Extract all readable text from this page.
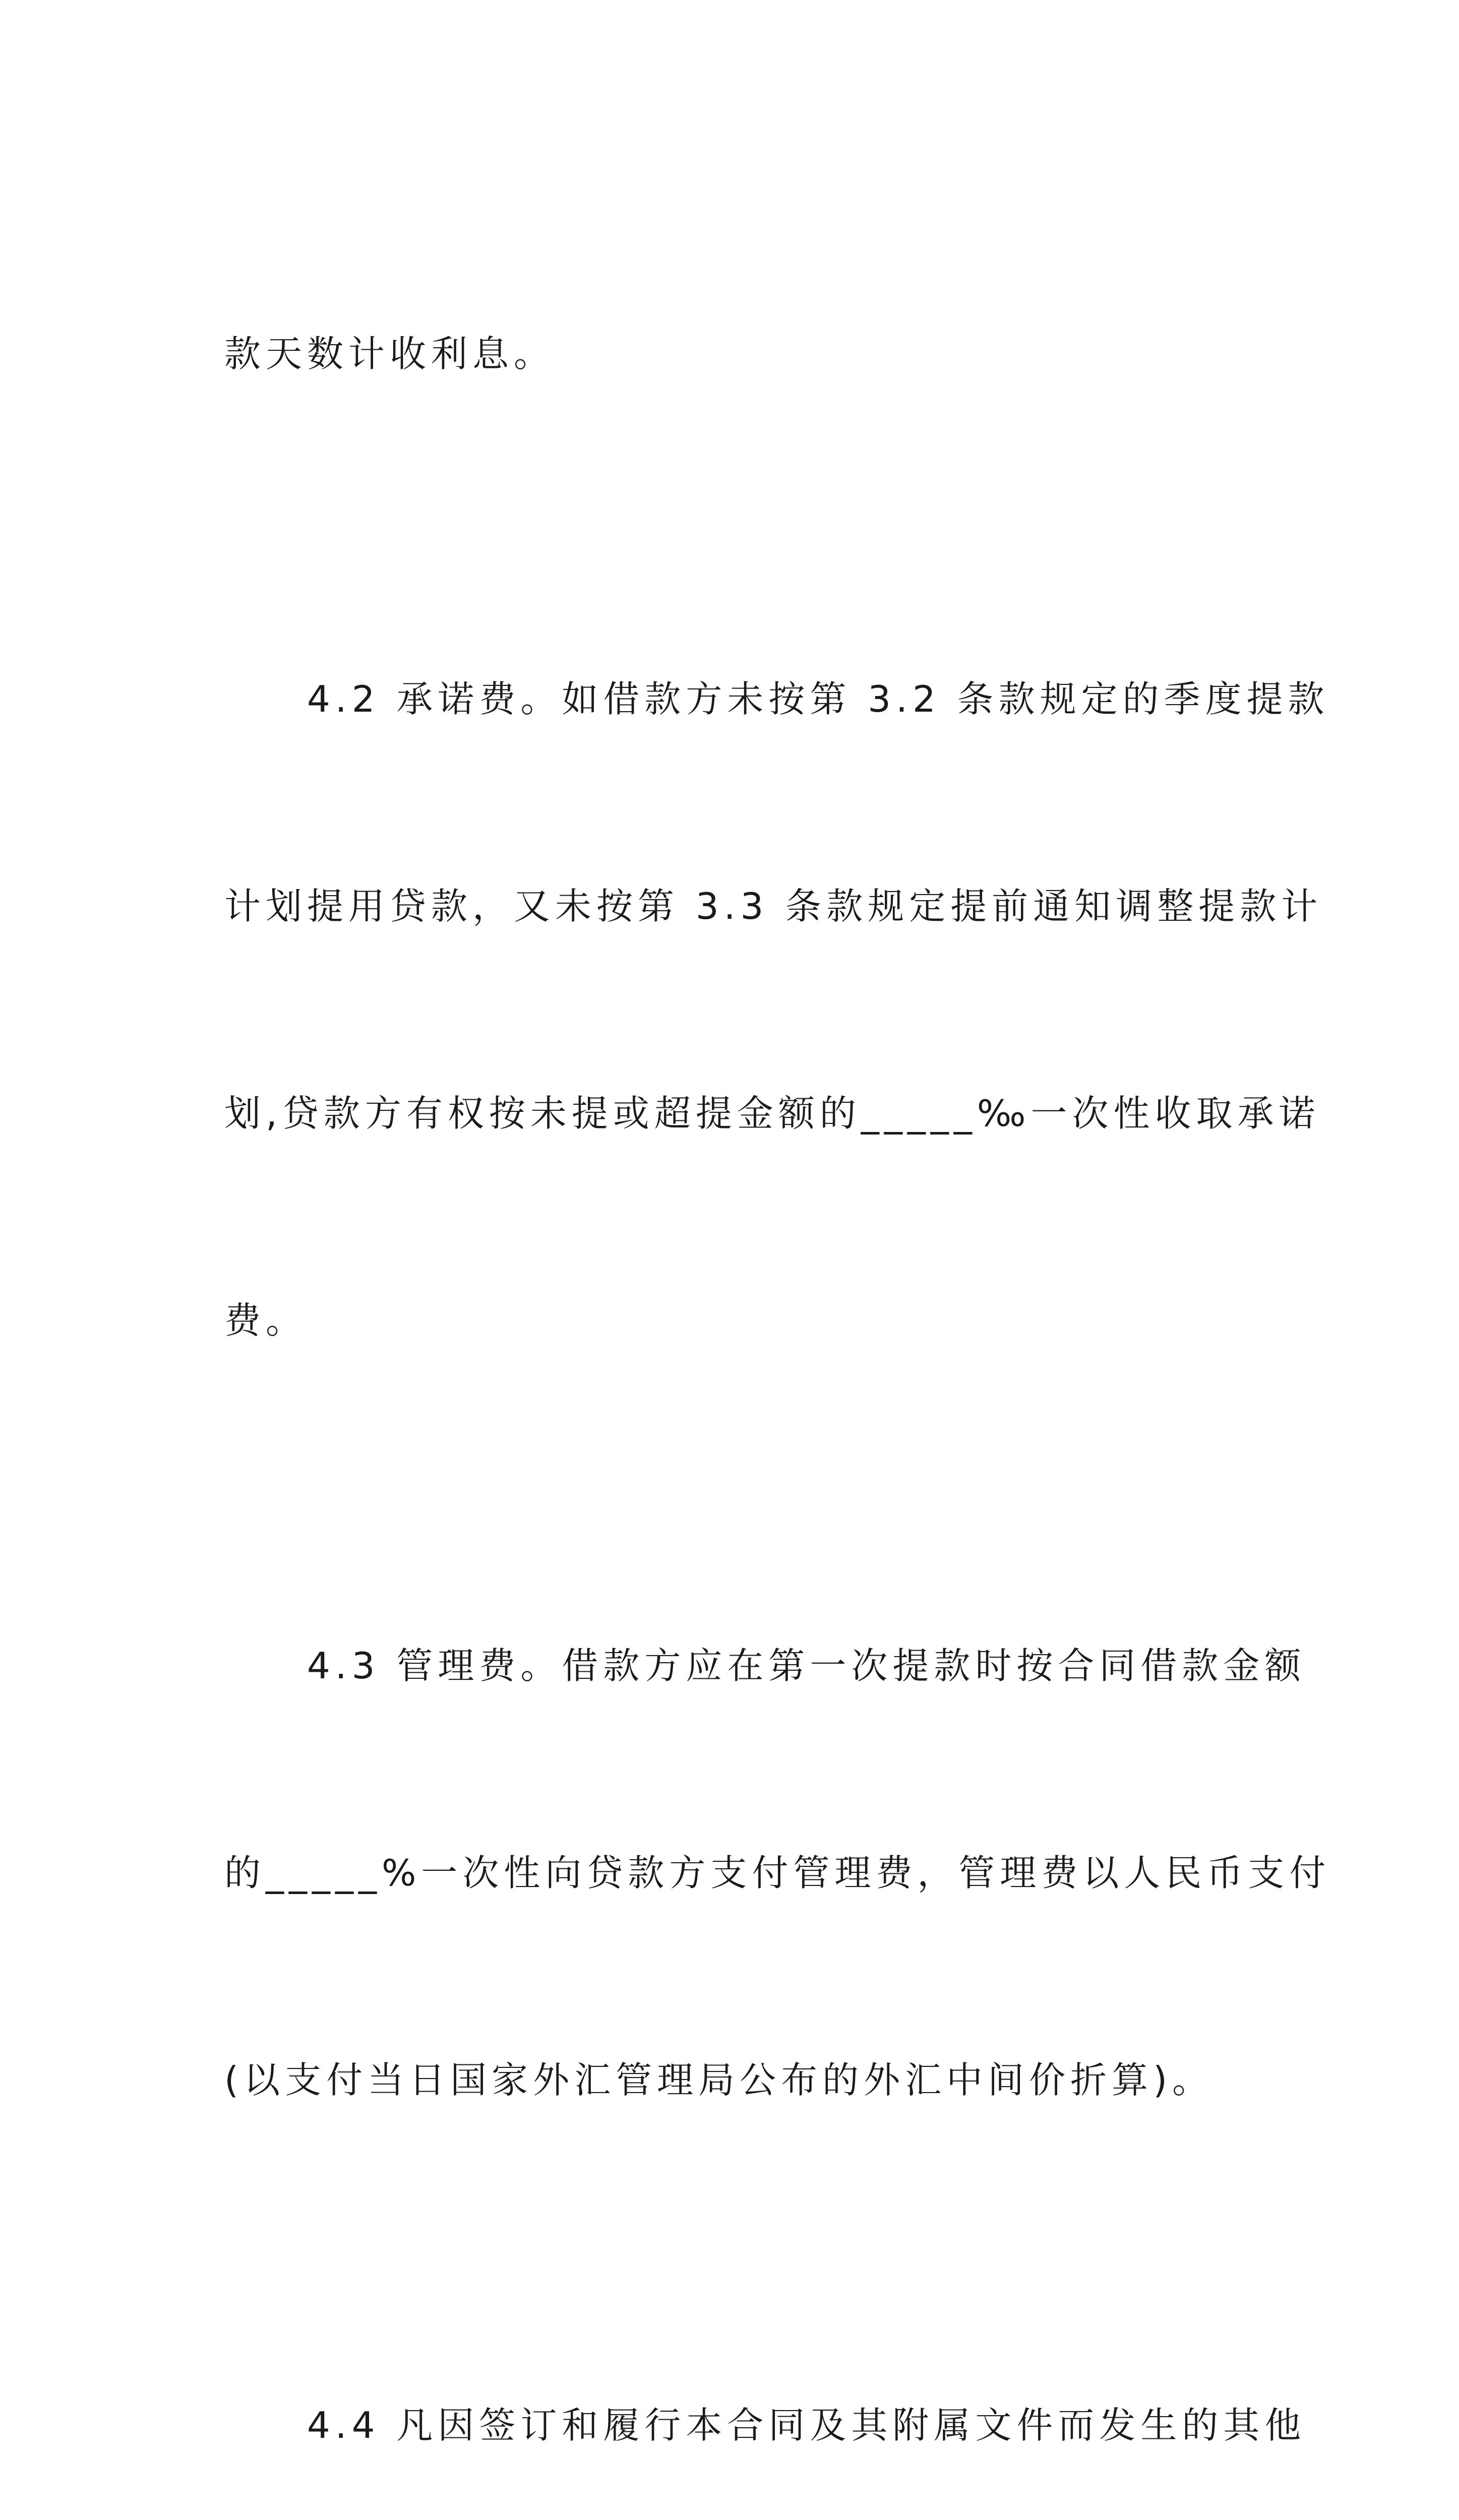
款天数计收利息。

4.2 承诺费。如借款方未按第 3.2 条款规定的季度提款

计划提用贷款，又未按第 3.3 条款规定提前通知调整提款计

划,贷款方有权按未提或超提金额的_____‰一次性收取承诺

费。

4.3 管理费。借款方应在第一次提款时按合同借款金额

的_____%一次性向贷款方支付管理费，管理费以人民币支付

(以支付当日国家外汇管理局公布的外汇中间价折算)。

4.4 凡因签订和履行本合同及其附属文件而发生的其他
